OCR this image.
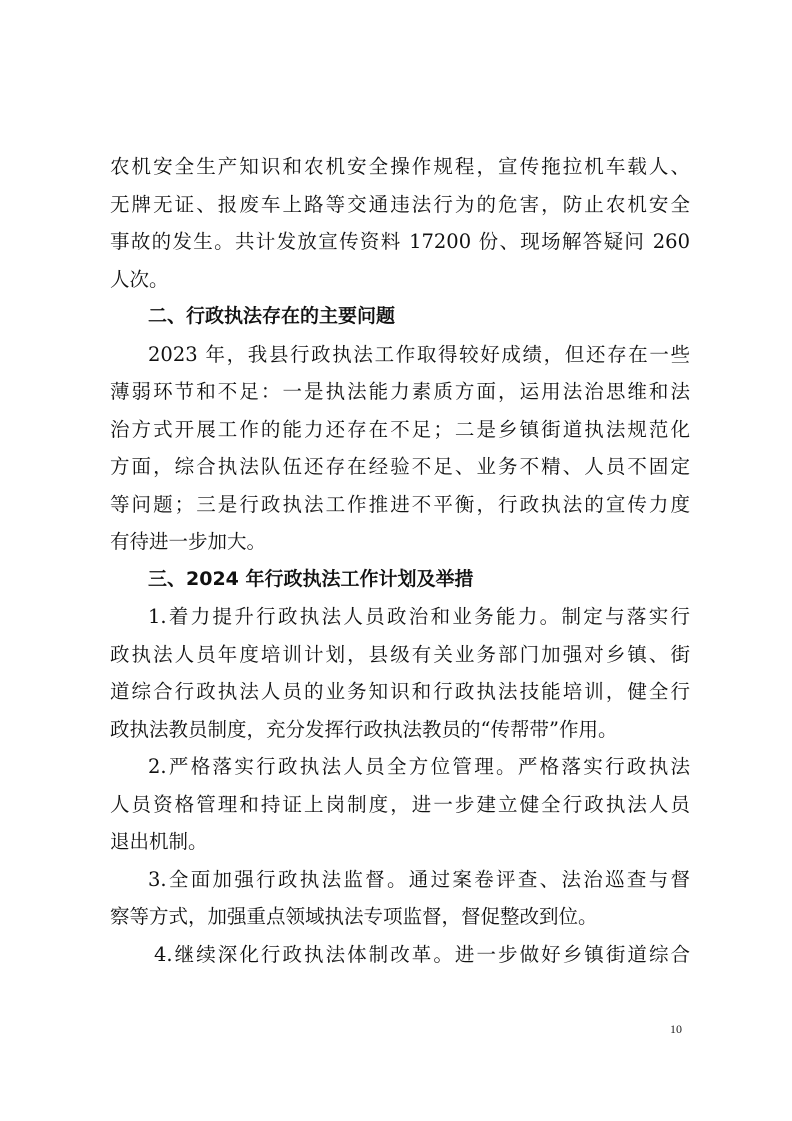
农机安全生产知识和农机安全操作规程，宣传拖拉机车载人、
无牌无证、报废车上路等交通违法行为的危害，防止农机安全
事故的发生。共计发放宣传资料 17200 份、现场解答疑问 260
人次。
二、行政执法存在的主要问题
2023 年，我县行政执法工作取得较好成绩，但还存在一些
薄弱环节和不足：一是执法能力素质方面，运用法治思维和法
治方式开展工作的能力还存在不足；二是乡镇街道执法规范化
方面，综合执法队伍还存在经验不足、业务不精、人员不固定
等问题；三是行政执法工作推进不平衡，行政执法的宣传力度
有待进一步加大。
三、2024 年行政执法工作计划及举措
1.着力提升行政执法人员政治和业务能力。制定与落实行
政执法人员年度培训计划，县级有关业务部门加强对乡镇、街
道综合行政执法人员的业务知识和行政执法技能培训，健全行
政执法教员制度，充分发挥行政执法教员的“传帮带”作用。
2.严格落实行政执法人员全方位管理。严格落实行政执法
人员资格管理和持证上岗制度，进一步建立健全行政执法人员
退出机制。
3.全面加强行政执法监督。通过案卷评查、法治巡查与督
察等方式，加强重点领域执法专项监督，督促整改到位。
4.继续深化行政执法体制改革。进一步做好乡镇街道综合
10
